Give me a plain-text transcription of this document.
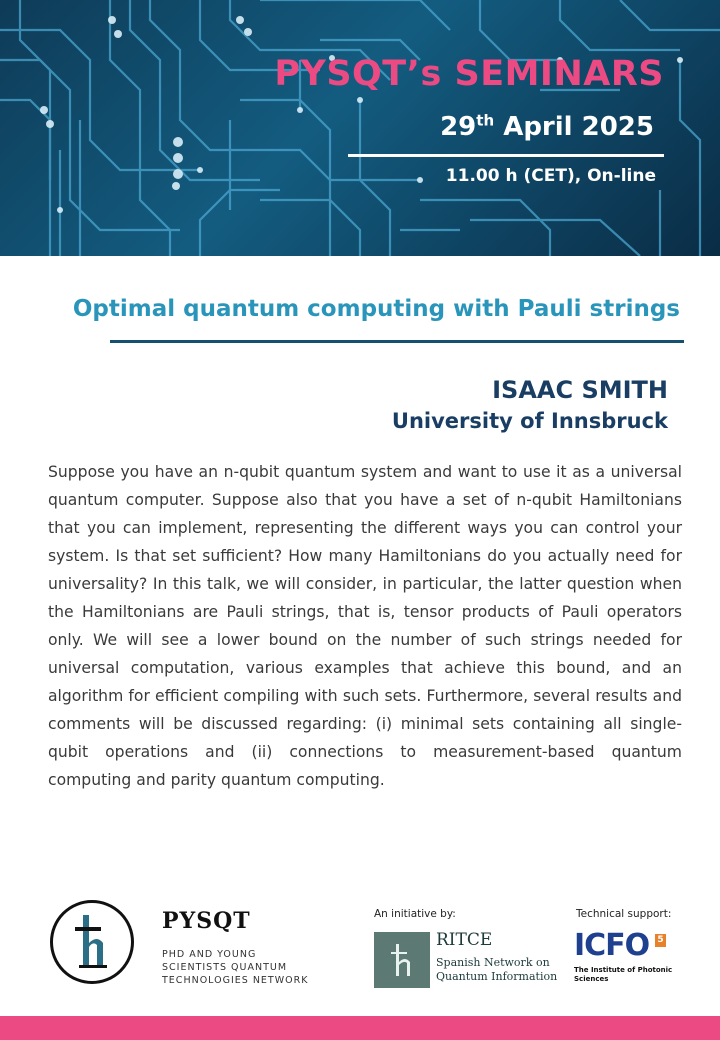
PYSQT’s SEMINARS
29th April 2025
11.00 h (CET), On-line
Optimal quantum computing with Pauli strings
ISAAC SMITH
University of Innsbruck
Suppose you have an n-qubit quantum system and want to use it as a universal quantum computer. Suppose also that you have a set of n-qubit Hamiltonians that you can implement, representing the different ways you can control your system. Is that set sufficient? How many Hamiltonians do you actually need for universality? In this talk, we will consider, in particular, the latter question when the Hamiltonians are Pauli strings, that is, tensor products of Pauli operators only. We will see a lower bound on the number of such strings needed for universal computation, various examples that achieve this bound, and an algorithm for efficient compiling with such sets. Furthermore, several results and comments will be discussed regarding: (i) minimal sets containing all single-qubit operations and (ii) connections to measurement-based quantum computing and parity quantum computing.
PYSQT
PHD AND YOUNG
SCIENTISTS QUANTUM
TECHNOLOGIES NETWORK
An initiative by:
RITCE
Spanish Network on
Quantum Information
Technical support:
ICFO 5
The Institute of Photonic
Sciences
